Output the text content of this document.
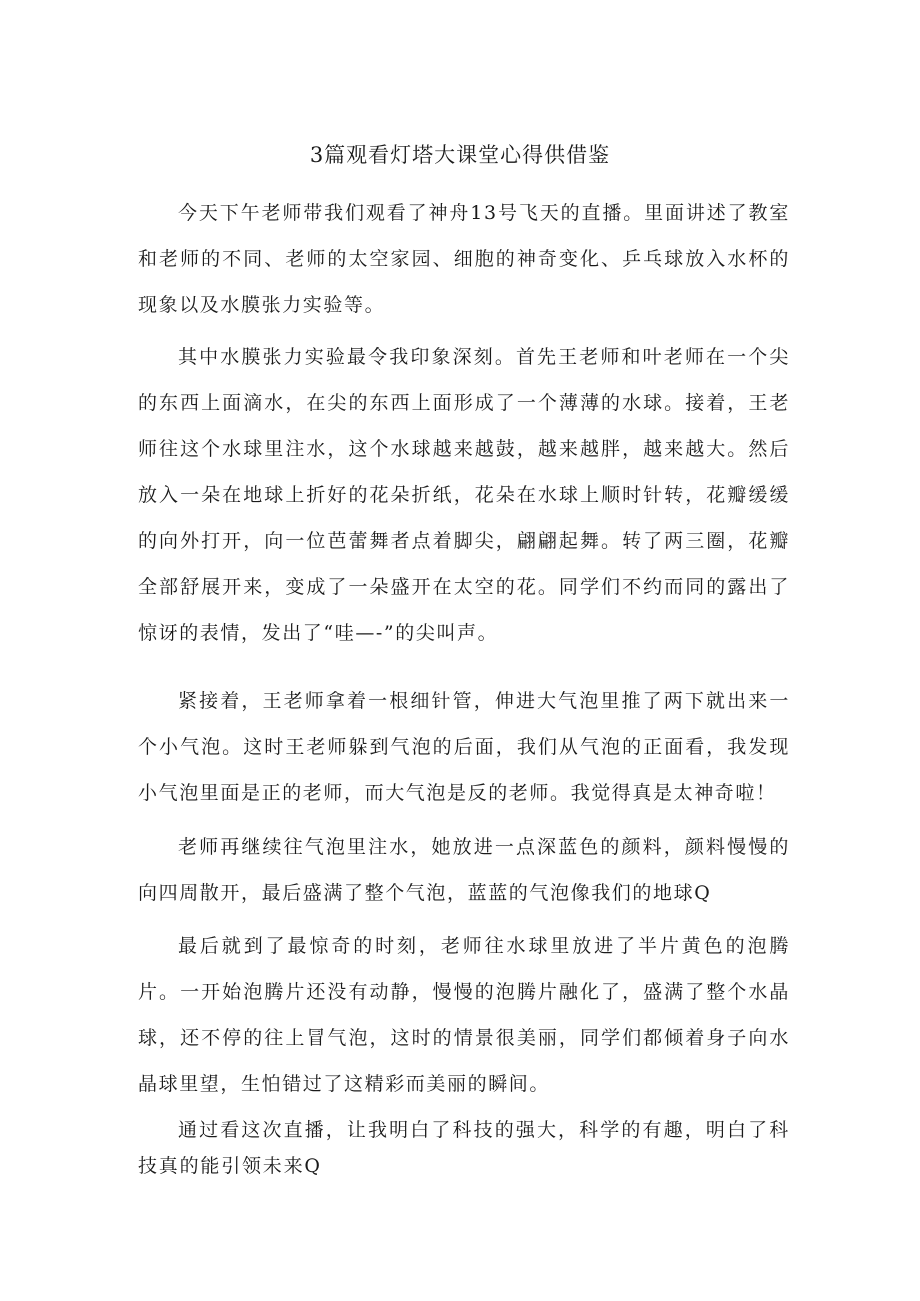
3篇观看灯塔大课堂心得供借鉴

今天下午老师带我们观看了神舟13号飞天的直播。里面讲述了教室和老师的不同、老师的太空家园、细胞的神奇变化、乒乓球放入水杯的现象以及水膜张力实验等。

其中水膜张力实验最令我印象深刻。首先王老师和叶老师在一个尖的东西上面滴水，在尖的东西上面形成了一个薄薄的水球。接着，王老师往这个水球里注水，这个水球越来越鼓，越来越胖，越来越大。然后放入一朵在地球上折好的花朵折纸，花朵在水球上顺时针转，花瓣缓缓的向外打开，向一位芭蕾舞者点着脚尖，翩翩起舞。转了两三圈，花瓣全部舒展开来，变成了一朵盛开在太空的花。同学们不约而同的露出了惊讶的表情，发出了“哇—-”的尖叫声。

紧接着，王老师拿着一根细针管，伸进大气泡里推了两下就出来一个小气泡。这时王老师躲到气泡的后面，我们从气泡的正面看，我发现小气泡里面是正的老师，而大气泡是反的老师。我觉得真是太神奇啦！

老师再继续往气泡里注水，她放进一点深蓝色的颜料，颜料慢慢的向四周散开，最后盛满了整个气泡，蓝蓝的气泡像我们的地球Q

最后就到了最惊奇的时刻，老师往水球里放进了半片黄色的泡腾片。一开始泡腾片还没有动静，慢慢的泡腾片融化了，盛满了整个水晶球，还不停的往上冒气泡，这时的情景很美丽，同学们都倾着身子向水晶球里望，生怕错过了这精彩而美丽的瞬间。

通过看这次直播，让我明白了科技的强大，科学的有趣，明白了科技真的能引领未来Q
